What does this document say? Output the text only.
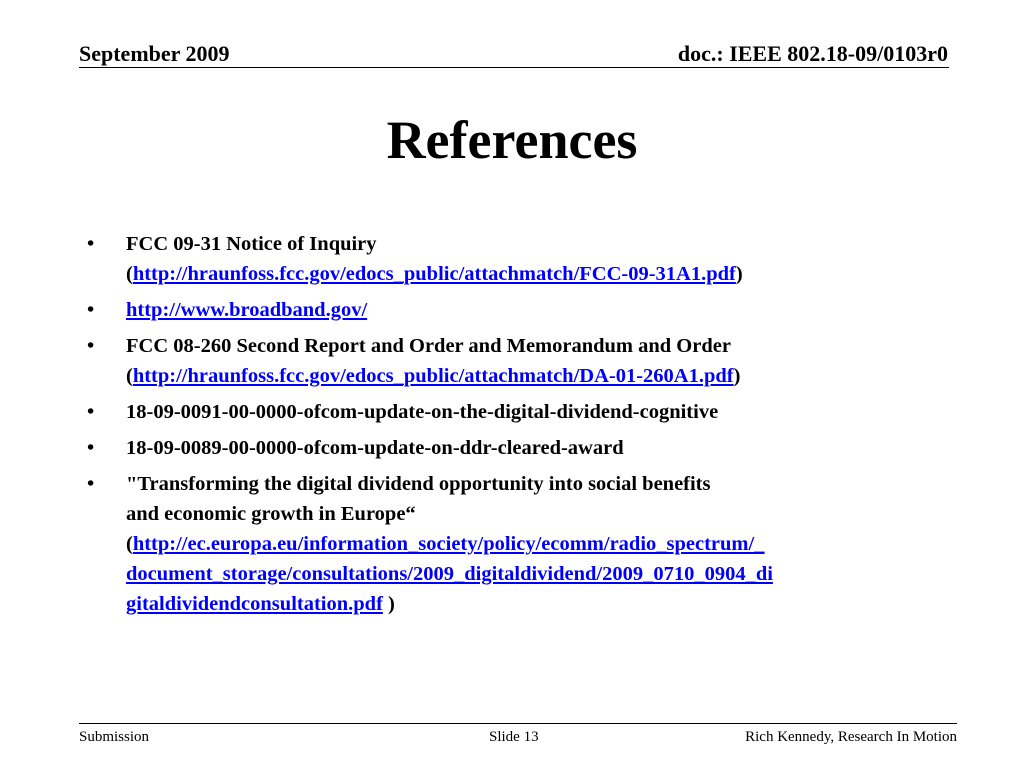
September 2009	doc.: IEEE 802.18-09/0103r0
References
• FCC 09-31 Notice of Inquiry
(http://hraunfoss.fcc.gov/edocs_public/attachmatch/FCC-09-31A1.pdf)
• http://www.broadband.gov/
• FCC 08-260 Second Report and Order and Memorandum and Order
(http://hraunfoss.fcc.gov/edocs_public/attachmatch/DA-01-260A1.pdf)
• 18-09-0091-00-0000-ofcom-update-on-the-digital-dividend-cognitive
• 18-09-0089-00-0000-ofcom-update-on-ddr-cleared-award
• "Transforming the digital dividend opportunity into social benefits
and economic growth in Europe“
(http://ec.europa.eu/information_society/policy/ecomm/radio_spectrum/_
document_storage/consultations/2009_digitaldividend/2009_0710_0904_di
gitaldividendconsultation.pdf )
Submission	Slide 13	Rich Kennedy, Research In Motion
